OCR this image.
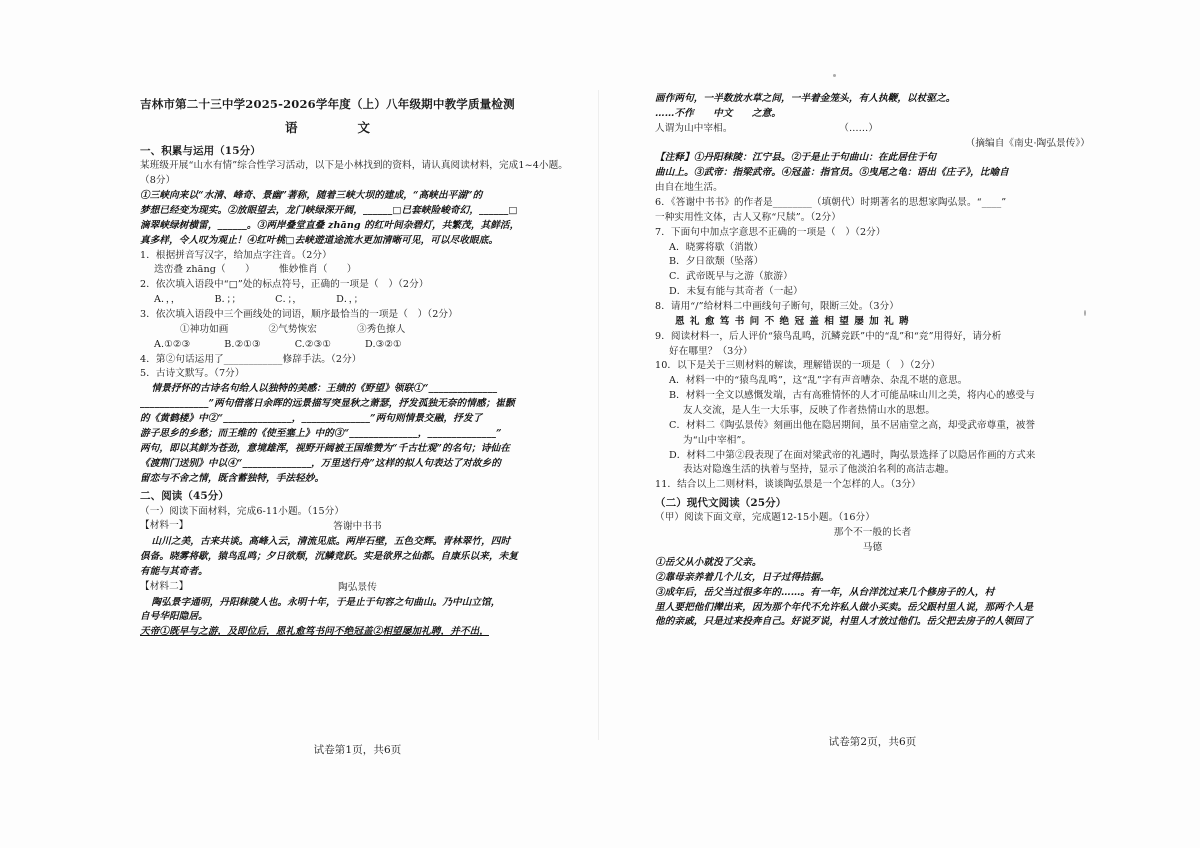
吉林市第二十三中学2025-2026学年度（上）八年级期中教学质量检测
语文
一、积累与运用（15分）

某班级开展“山水有情”综合性学习活动，以下是小林找到的资料，请认真阅读材料，完成1~4小题。（8分）

①三峡向来以“水清、峰奇、景幽”著称，随着三峡大坝的建成，“高峡出平湖”的

梦想已经变为现实。②放眼望去，龙门峡绿深开阔，______□已套峡险峻奇幻，______□

滴翠峡绿树横雷，______。③两岸叠堂直叠 zhāng 的红叶间杂碧灯，共繁茂，其鲜活，

真多样，令人叹为观止！④红叶桃□去峡遊道途流水更加清晰可见，可以尽收眼底。

1．根据拼音写汉字，给加点字注音。（2分）

迭峦叠 zhāng（　　）　　　惟妙惟肖（　　）

2．依次填入语段中“□”处的标点符号，正确的一项是（　）（2分）

A．，，	B．；；	C．；，	D．，；

3．依次填入语段中三个画线处的词语，顺序最恰当的一项是（　）（2分）

①神功如画	②气势恢宏	③秀色撩人
A.①②③	B.②①③	C.②③①	D.③②①

4．第②句话运用了____________修辞手法。（2分）

5．古诗文默写。（7分）

情景抒怀的古诗名句给人以独特的美感：王绩的《野望》领联①“______________

______________”两句借落日余晖的远景描写突显秋之萧瑟，抒发孤独无奈的情感；崔颢

的《黄鹤楼》中②“______________，______________”两句则情景交融，抒发了

游子思乡的乡愁；而王维的《使至塞上》中的③“______________，______________”

两句，即以其鲜为苍劲，意境雄浑，视野开阔被王国维赞为“千古壮观”的名句；诗仙在

《渡荆门送别》中以④“______________，万里送行舟”这样的拟人句表达了对故乡的

留恋与不舍之情，既含蓄独特，手法轻妙。

二、阅读（45分）

（一）阅读下面材料，完成6-11小题。（15分）

【材料一】	答谢中书书

山川之美，古来共谈。高峰入云，清流见底。两岸石壁，五色交辉。青林翠竹，四时

俱备。晓雾将歇，猿鸟乱鸣；夕日欲颓，沉鳞竞跃。实是欲界之仙都。自康乐以来，未复

有能与其奇者。

【材料二】	陶弘景传

陶弘景字通明，丹阳秣陵人也。永明十年，于是止于句容之句曲山。乃中山立馆，

自号华阳隐居。

天帝①既早与之游，及即位后，恩礼愈笃书问不绝冠盖②相望屡加礼聘，并不出，

试卷第1页，共6页

画作两句，一半数放水草之间，一半着金笼头，有人执鞭，以杖驱之。

……不作　　中文　　之意。

人谓为山中宰相。　　　　　　　　　　　　（……）

（摘编自《南史·陶弘景传》）

【注释】①丹阳秣陵：江宁县。②于是止于句曲山：在此居住于句

曲山上。③武帝：指梁武帝。④冠盖：指官员。⑤曳尾之龟：语出《庄子》，比喻自

由自在地生活。

6．《答谢中书书》的作者是________（填朝代）时期著名的思想家陶弘景。“____”

一种实用性文体，古人又称“尺牍”。（2分）

7．下面句中加点字意思不正确的一项是（　）（2分）

A．晓雾将歇（消散）

B．夕日欲颓（坠落）

C．武帝既早与之游（旅游）

D．未复有能与其奇者（一起）

8．请用“/”给材料二中画线句子断句，限断三处。（3分）

恩 礼 愈 笃 书 问 不 绝 冠 盖 相 望 屡 加 礼 聘

9．阅读材料一，后人评价“猿鸟乱鸣，沉鳞竞跃”中的“乱”和“竞”用得好，请分析

好在哪里？（3分）

10．以下是关于三则材料的解读，理解错误的一项是（　）（2分）

A．材料一中的“猿鸟乱鸣”，这“乱”字有声音嘈杂、杂乱不堪的意思。

B．材料一全文以感慨发端，古有高雅情怀的人才可能品味山川之美，将内心的感受与

友人交流，是人生一大乐事，反映了作者热情山水的思想。

C．材料二《陶弘景传》刻画出他在隐居期间，虽不居庙堂之高，却受武帝尊重，被誉

为“山中宰相”。

D．材料二中第②段表现了在面对梁武帝的礼遇时，陶弘景选择了以隐居作画的方式来

表达对隐逸生活的执着与坚持，显示了他淡泊名利的高洁志趣。

11．结合以上二则材料，谈谈陶弘景是一个怎样的人。（3分）

（二）现代文阅读（25分）

（甲）阅读下面文章，完成题12-15小题。（16分）

那个不一般的长者

马德

①岳父从小就没了父亲。

②靠母亲养着几个儿女，日子过得拮据。

③成年后，岳父当过很多年的……。有一年，从台洋沈过来几个修房子的人，村

里人要把他们撵出来，因为那个年代不允许私人做小买卖。岳父跟村里人说，那两个人是

他的亲戚，只是过来投奔自己。好说歹说，村里人才放过他们。岳父把去房子的人领回了

试卷第2页，共6页
